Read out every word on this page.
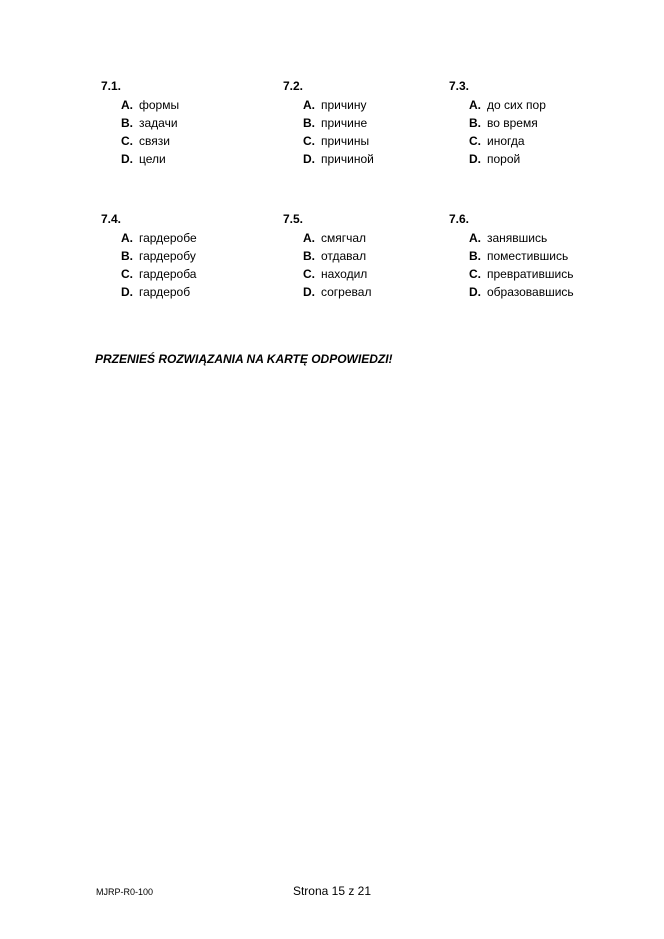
7.1.
A. формы
B. задачи
C. связи
D. цели
7.2.
A. причину
B. причине
C. причины
D. причиной
7.3.
A. до сих пор
B. во время
C. иногда
D. порой
7.4.
A. гардеробе
B. гардеробу
C. гардероба
D. гардероб
7.5.
A. смягчал
B. отдавал
C. находил
D. согревал
7.6.
A. занявшись
B. поместившись
C. превратившись
D. образовавшись
PRZENIEŚ ROZWIĄZANIA NA KARTĘ ODPOWIEDZI!
MJRP-R0-100	Strona 15 z 21
